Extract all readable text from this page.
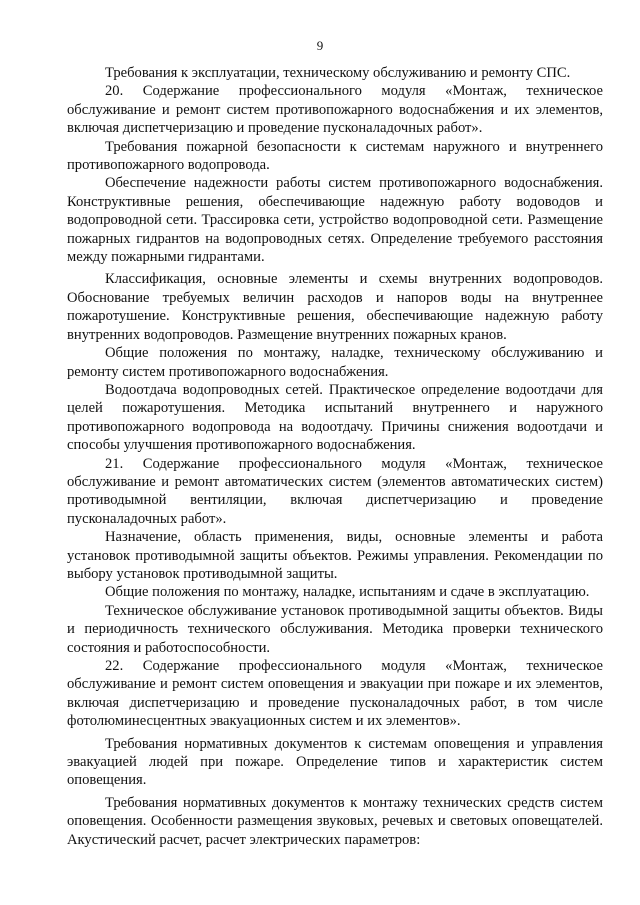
9

Требования к эксплуатации, техническому обслуживанию и ремонту СПС.

20. Содержание профессионального модуля «Монтаж, техническое обслуживание и ремонт систем противопожарного водоснабжения и их элементов, включая диспетчеризацию и проведение пусконаладочных работ».

Требования пожарной безопасности к системам наружного и внутреннего противопожарного водопровода.

Обеспечение надежности работы систем противопожарного водоснабжения. Конструктивные решения, обеспечивающие надежную работу водоводов и водопроводной сети. Трассировка сети, устройство водопроводной сети. Размещение пожарных гидрантов на водопроводных сетях. Определение требуемого расстояния между пожарными гидрантами.

Классификация, основные элементы и схемы внутренних водопроводов. Обоснование требуемых величин расходов и напоров воды на внутреннее пожаротушение. Конструктивные решения, обеспечивающие надежную работу внутренних водопроводов. Размещение внутренних пожарных кранов.

Общие положения по монтажу, наладке, техническому обслуживанию и ремонту систем противопожарного водоснабжения.

Водоотдача водопроводных сетей. Практическое определение водоотдачи для целей пожаротушения. Методика испытаний внутреннего и наружного противопожарного водопровода на водоотдачу. Причины снижения водоотдачи и способы улучшения противопожарного водоснабжения.

21. Содержание профессионального модуля «Монтаж, техническое обслуживание и ремонт автоматических систем (элементов автоматических систем) противодымной вентиляции, включая диспетчеризацию и проведение пусконаладочных работ».

Назначение, область применения, виды, основные элементы и работа установок противодымной защиты объектов. Режимы управления. Рекомендации по выбору установок противодымной защиты.

Общие положения по монтажу, наладке, испытаниям и сдаче в эксплуатацию.

Техническое обслуживание установок противодымной защиты объектов. Виды и периодичность технического обслуживания. Методика проверки технического состояния и работоспособности.

22. Содержание профессионального модуля «Монтаж, техническое обслуживание и ремонт систем оповещения и эвакуации при пожаре и их элементов, включая диспетчеризацию и проведение пусконаладочных работ, в том числе фотолюминесцентных эвакуационных систем и их элементов».

Требования нормативных документов к системам оповещения и управления эвакуацией людей при пожаре. Определение типов и характеристик систем оповещения.

Требования нормативных документов к монтажу технических средств систем оповещения. Особенности размещения звуковых, речевых и световых оповещателей. Акустический расчет, расчет электрических параметров:
